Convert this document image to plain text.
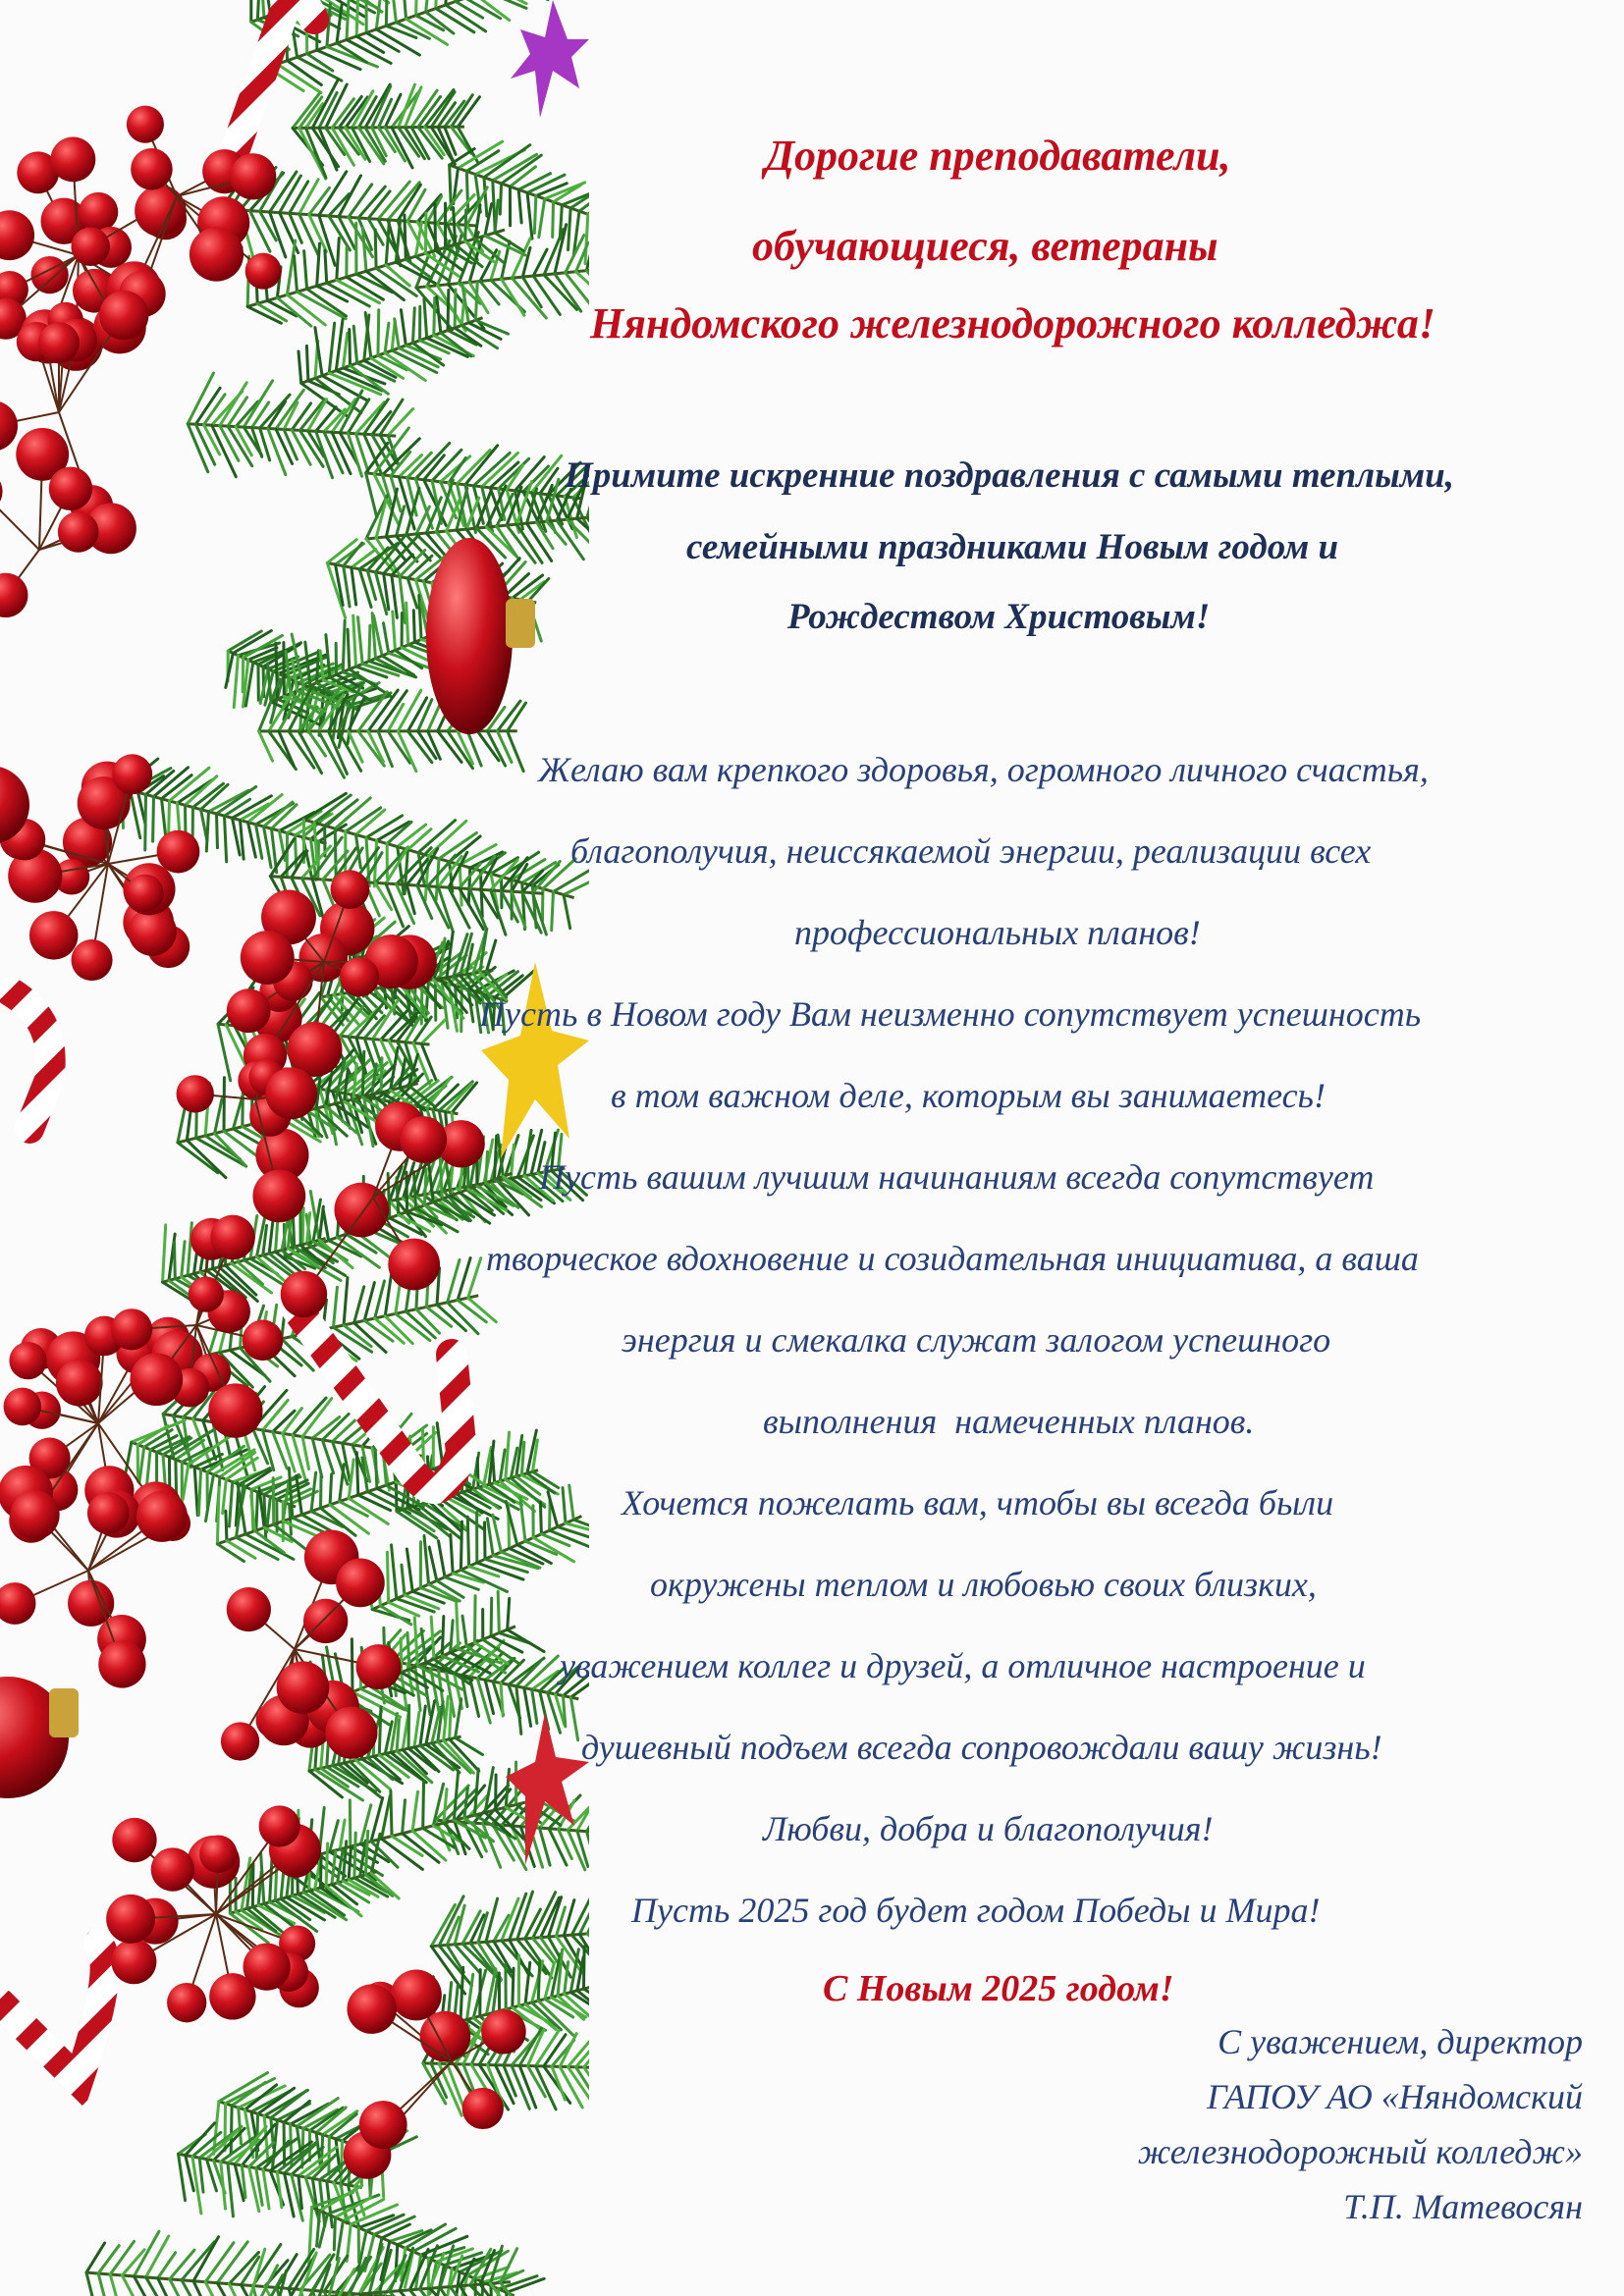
Дорогие преподаватели,

обучающиеся, ветераны

Няндомского железнодорожного колледжа!

Примите искренние поздравления с самыми теплыми,

семейными праздниками Новым годом и

Рождеством Христовым!

Желаю вам крепкого здоровья, огромного личного счастья,

благополучия, неиссякаемой энергии, реализации всех

профессиональных планов!

Пусть в Новом году Вам неизменно сопутствует успешность

в том важном деле, которым вы занимаетесь!

Пусть вашим лучшим начинаниям всегда сопутствует

творческое вдохновение и созидательная инициатива, а ваша

энергия и смекалка служат залогом успешного

выполнения  намеченных планов.

Хочется пожелать вам, чтобы вы всегда были

окружены теплом и любовью своих близких,

уважением коллег и друзей, а отличное настроение и

душевный подъем всегда сопровождали вашу жизнь!

Любви, добра и благополучия!

Пусть 2025 год будет годом Победы и Мира!

С Новым 2025 годом!

С уважением, директор

ГАПОУ АО «Няндомский

железнодорожный колледж»

Т.П. Матевосян
